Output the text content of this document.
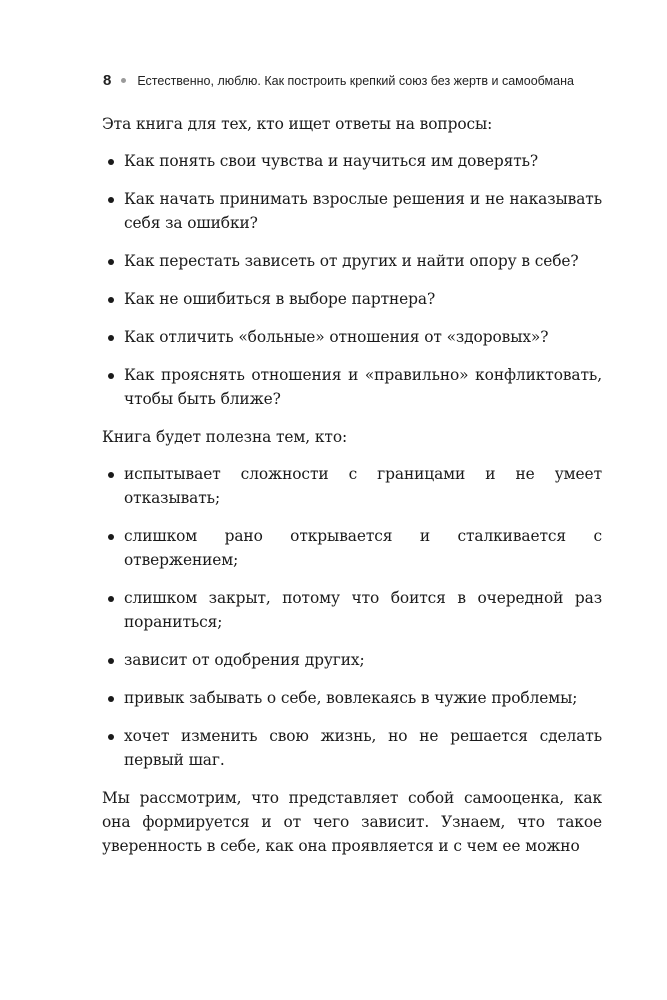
8 Естественно, люблю. Как построить крепкий союз без жертв и самообмана

Эта книга для тех, кто ищет ответы на вопросы:

Как понять свои чувства и научиться им доверять?
Как начать принимать взрослые решения и не наказывать себя за ошибки?
Как перестать зависеть от других и найти опору в себе?
Как не ошибиться в выборе партнера?
Как отличить «больные» отношения от «здоровых»?
Как прояснять отношения и «правильно» конфликтовать, чтобы быть ближе?

Книга будет полезна тем, кто:

испытывает сложности с границами и не умеет отказывать;
слишком рано открывается и сталкивается с отвержением;
слишком закрыт, потому что боится в очередной раз пораниться;
зависит от одобрения других;
привык забывать о себе, вовлекаясь в чужие проблемы;
хочет изменить свою жизнь, но не решается сделать первый шаг.

Мы рассмотрим, что представляет собой самооценка, как она формируется и от чего зависит. Узнаем, что такое уверенность в себе, как она проявляется и с чем ее можно
